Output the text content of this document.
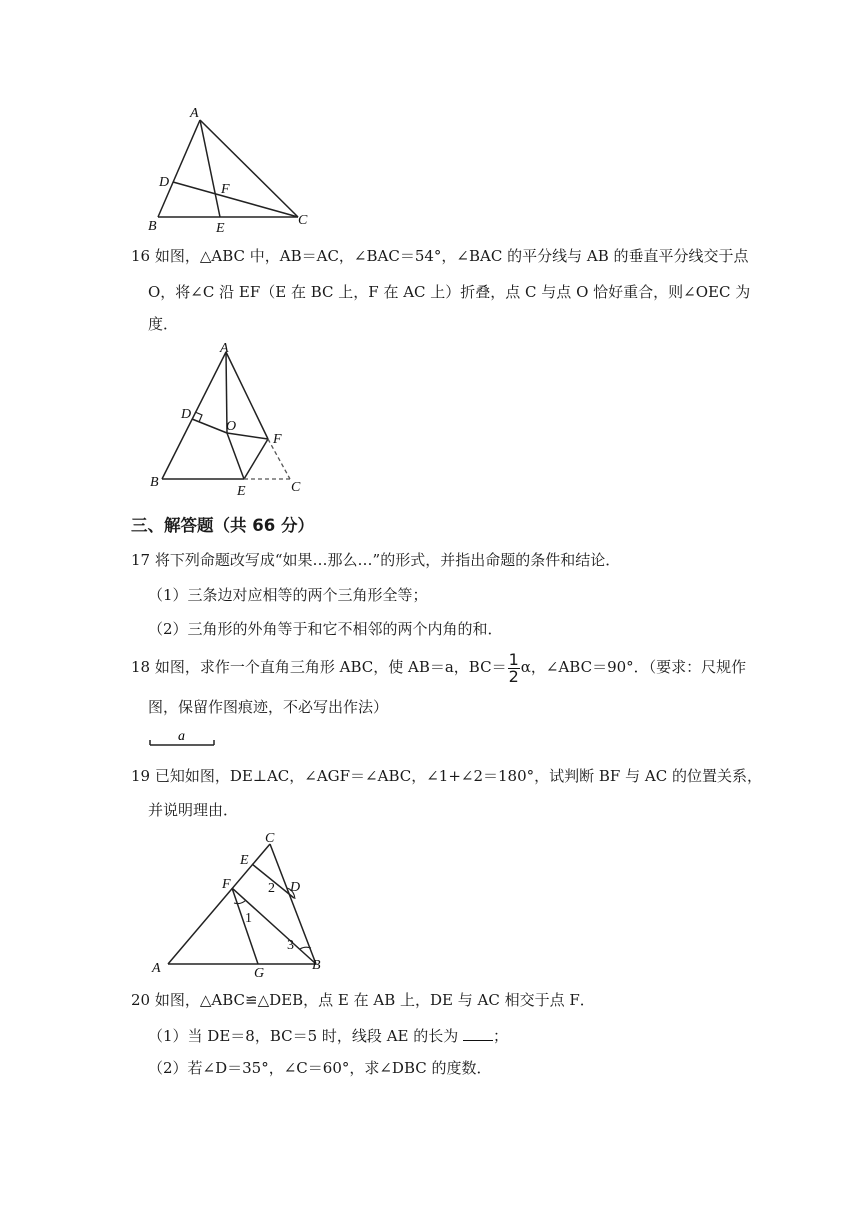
A
B	C
D
E
F
16 如图，△ABC 中，AB＝AC，∠BAC＝54°，∠BAC 的平分线与 AB 的垂直平分线交于点
O，将∠C 沿 EF（E 在 BC 上，F 在 AC 上）折叠，点 C 与点 O 恰好重合，则∠OEC 为
度．
A
B	C
D
E
F
O
三、解答题（共 66 分）
17 将下列命题改写成“如果…那么…”的形式，并指出命题的条件和结论．
（1）三条边对应相等的两个三角形全等；
（2）三角形的外角等于和它不相邻的两个内角的和．
18 如图，求作一个直角三角形 ABC，使 AB＝a，$BC= \frac{1}{2}$ α，∠ABC＝90°．（要求：尺规作
图，保留作图痕迹，不必写出作法）
a
19 已知如图，DE⊥AC，∠AGF＝∠ABC，∠1+∠2＝180°，试判断 BF 与 AC 的位置关系，
并说明理由．
A	B
C
D
E
F
G
1
2
3
20 如图，△ABC≌△DEB，点 E 在 AB 上，DE 与 AC 相交于点 F．
（1）当 DE＝8，BC＝5 时，线段 AE 的长为 ；
（2）若∠D＝35°，∠C＝60°，求∠DBC 的度数．
